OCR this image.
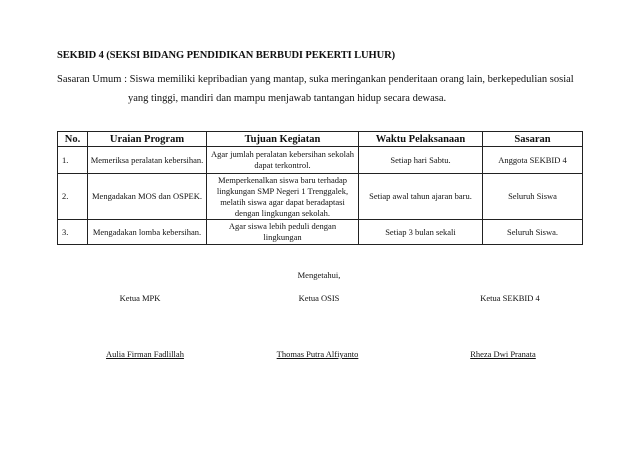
SEKBID 4 (SEKSI BIDANG PENDIDIKAN BERBUDI PEKERTI LUHUR)
Sasaran Umum : Siswa memiliki kepribadian yang mantap, suka meringankan penderitaan orang lain, berkepedulian sosial
yang tinggi, mandiri dan mampu menjawab tantangan hidup secara dewasa.
No.	Uraian Program	Tujuan Kegiatan	Waktu Pelaksanaan	Sasaran
1.	Memeriksa peralatan kebersihan.	Agar jumlah peralatan kebersihan sekolah dapat terkontrol.	Setiap hari Sabtu.	Anggota SEKBID 4
2.	Mengadakan MOS dan OSPEK.	Memperkenalkan siswa baru terhadap lingkungan SMP Negeri 1 Trenggalek, melatih siswa agar dapat beradaptasi dengan lingkungan sekolah.	Setiap awal tahun ajaran baru.	Seluruh Siswa
3.	Mengadakan lomba kebersihan.	Agar siswa lebih peduli dengan lingkungan	Setiap 3 bulan sekali	Seluruh Siswa.
Mengetahui,
Ketua MPK	Ketua OSIS	Ketua SEKBID 4
Aulia Firman Fadlillah	Thomas Putra Alfiyanto	Rheza Dwi Pranata
